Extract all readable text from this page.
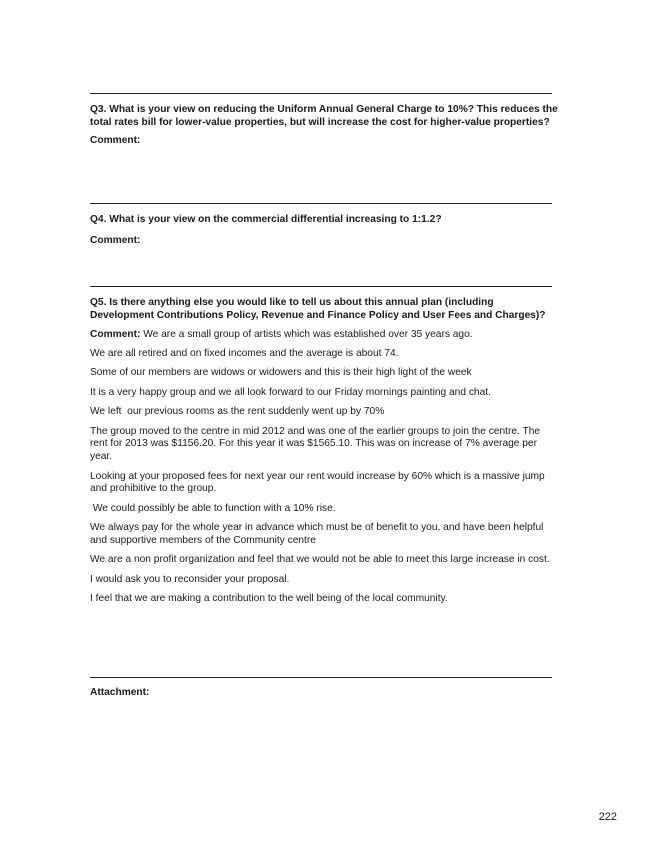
Q3. What is your view on reducing the Uniform Annual General Charge to 10%? This reduces the total rates bill for lower-value properties, but will increase the cost for higher-value properties?

Comment:

Q4. What is your view on the commercial differential increasing to 1:1.2?

Comment:

Q5. Is there anything else you would like to tell us about this annual plan (including Development Contributions Policy, Revenue and Finance Policy and User Fees and Charges)?

Comment: We are a small group of artists which was established over 35 years ago.

We are all retired and on fixed incomes and the average is about 74.

Some of our members are widows or widowers and this is their high light of the week

It is a very happy group and we all look forward to our Friday mornings painting and chat.

We left  our previous rooms as the rent suddenly went up by 70%

The group moved to the centre in mid 2012 and was one of the earlier groups to join the centre. The rent for 2013 was $1156.20. For this year it was $1565.10. This was on increase of 7% average per year.

Looking at your proposed fees for next year our rent would increase by 60% which is a massive jump and prohibitive to the group.

We could possibly be able to function with a 10% rise.

We always pay for the whole year in advance which must be of benefit to you, and have been helpful and supportive members of the Community centre

We are a non profit organization and feel that we would not be able to meet this large increase in cost.

I would ask you to reconsider your proposal.

I feel that we are making a contribution to the well being of the local community.

Attachment:

222
